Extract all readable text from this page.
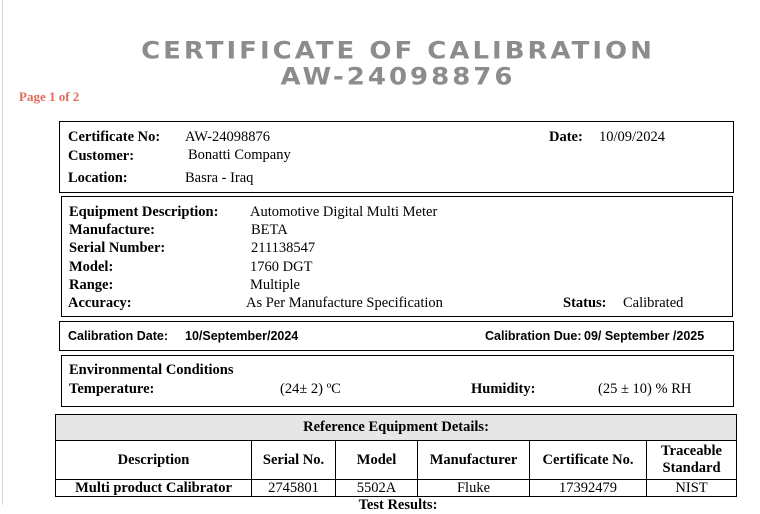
CERTIFICATE OF CALIBRATION
AW-24098876
Page 1 of 2
Certificate No: AW-24098876	Date: 10/09/2024
Customer:	Bonatti Company
Location:	Basra - Iraq
Equipment Description: Automotive Digital Multi Meter
Manufacture:	BETA
Serial Number:	211138547
Model:	1760 DGT
Range:	Multiple
Accuracy:	As Per Manufacture Specification	Status: Calibrated
Calibration Date: 10/September/2024	Calibration Due: 09/ September /2025
Environmental Conditions
Temperature:	(24± 2) ºC	Humidity:	(25 ± 10) % RH
Reference Equipment Details:					
Description	Serial No.	Model	Manufacturer	Certificate No.	Traceable Standard
Multi product Calibrator	2745801	5502A	Fluke	17392479	NIST
Test Results:
